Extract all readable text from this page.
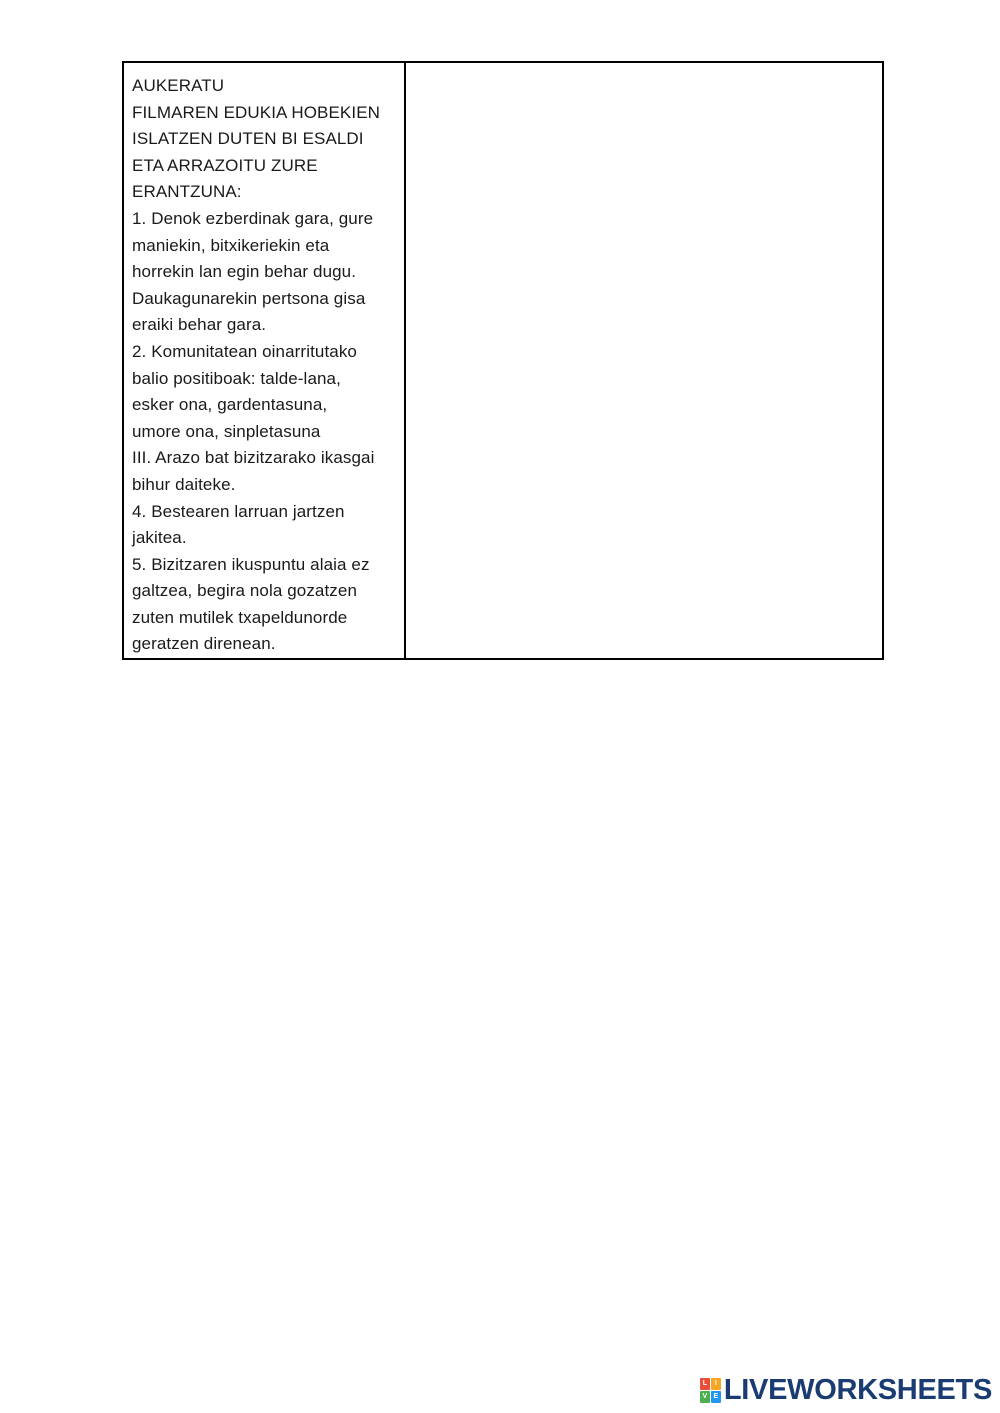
AUKERATU
FILMAREN EDUKIA HOBEKIEN
ISLATZEN DUTEN BI ESALDI
ETA ARRAZOITU ZURE
ERANTZUNA:
1. Denok ezberdinak gara, gure
maniekin, bitxikeriekin eta
horrekin lan egin behar dugu.
Daukagunarekin pertsona gisa
eraiki behar gara.
2. Komunitatean oinarritutako
balio positiboak: talde-lana,
esker ona, gardentasuna,
umore ona, sinpletasuna
III. Arazo bat bizitzarako ikasgai
bihur daiteke.
4. Bestearen larruan jartzen
jakitea.
5. Bizitzaren ikuspuntu alaia ez
galtzea, begira nola gozatzen
zuten mutilek txapeldunorde
geratzen direnean.

L	I
V E LIVEWORKSHEETS
